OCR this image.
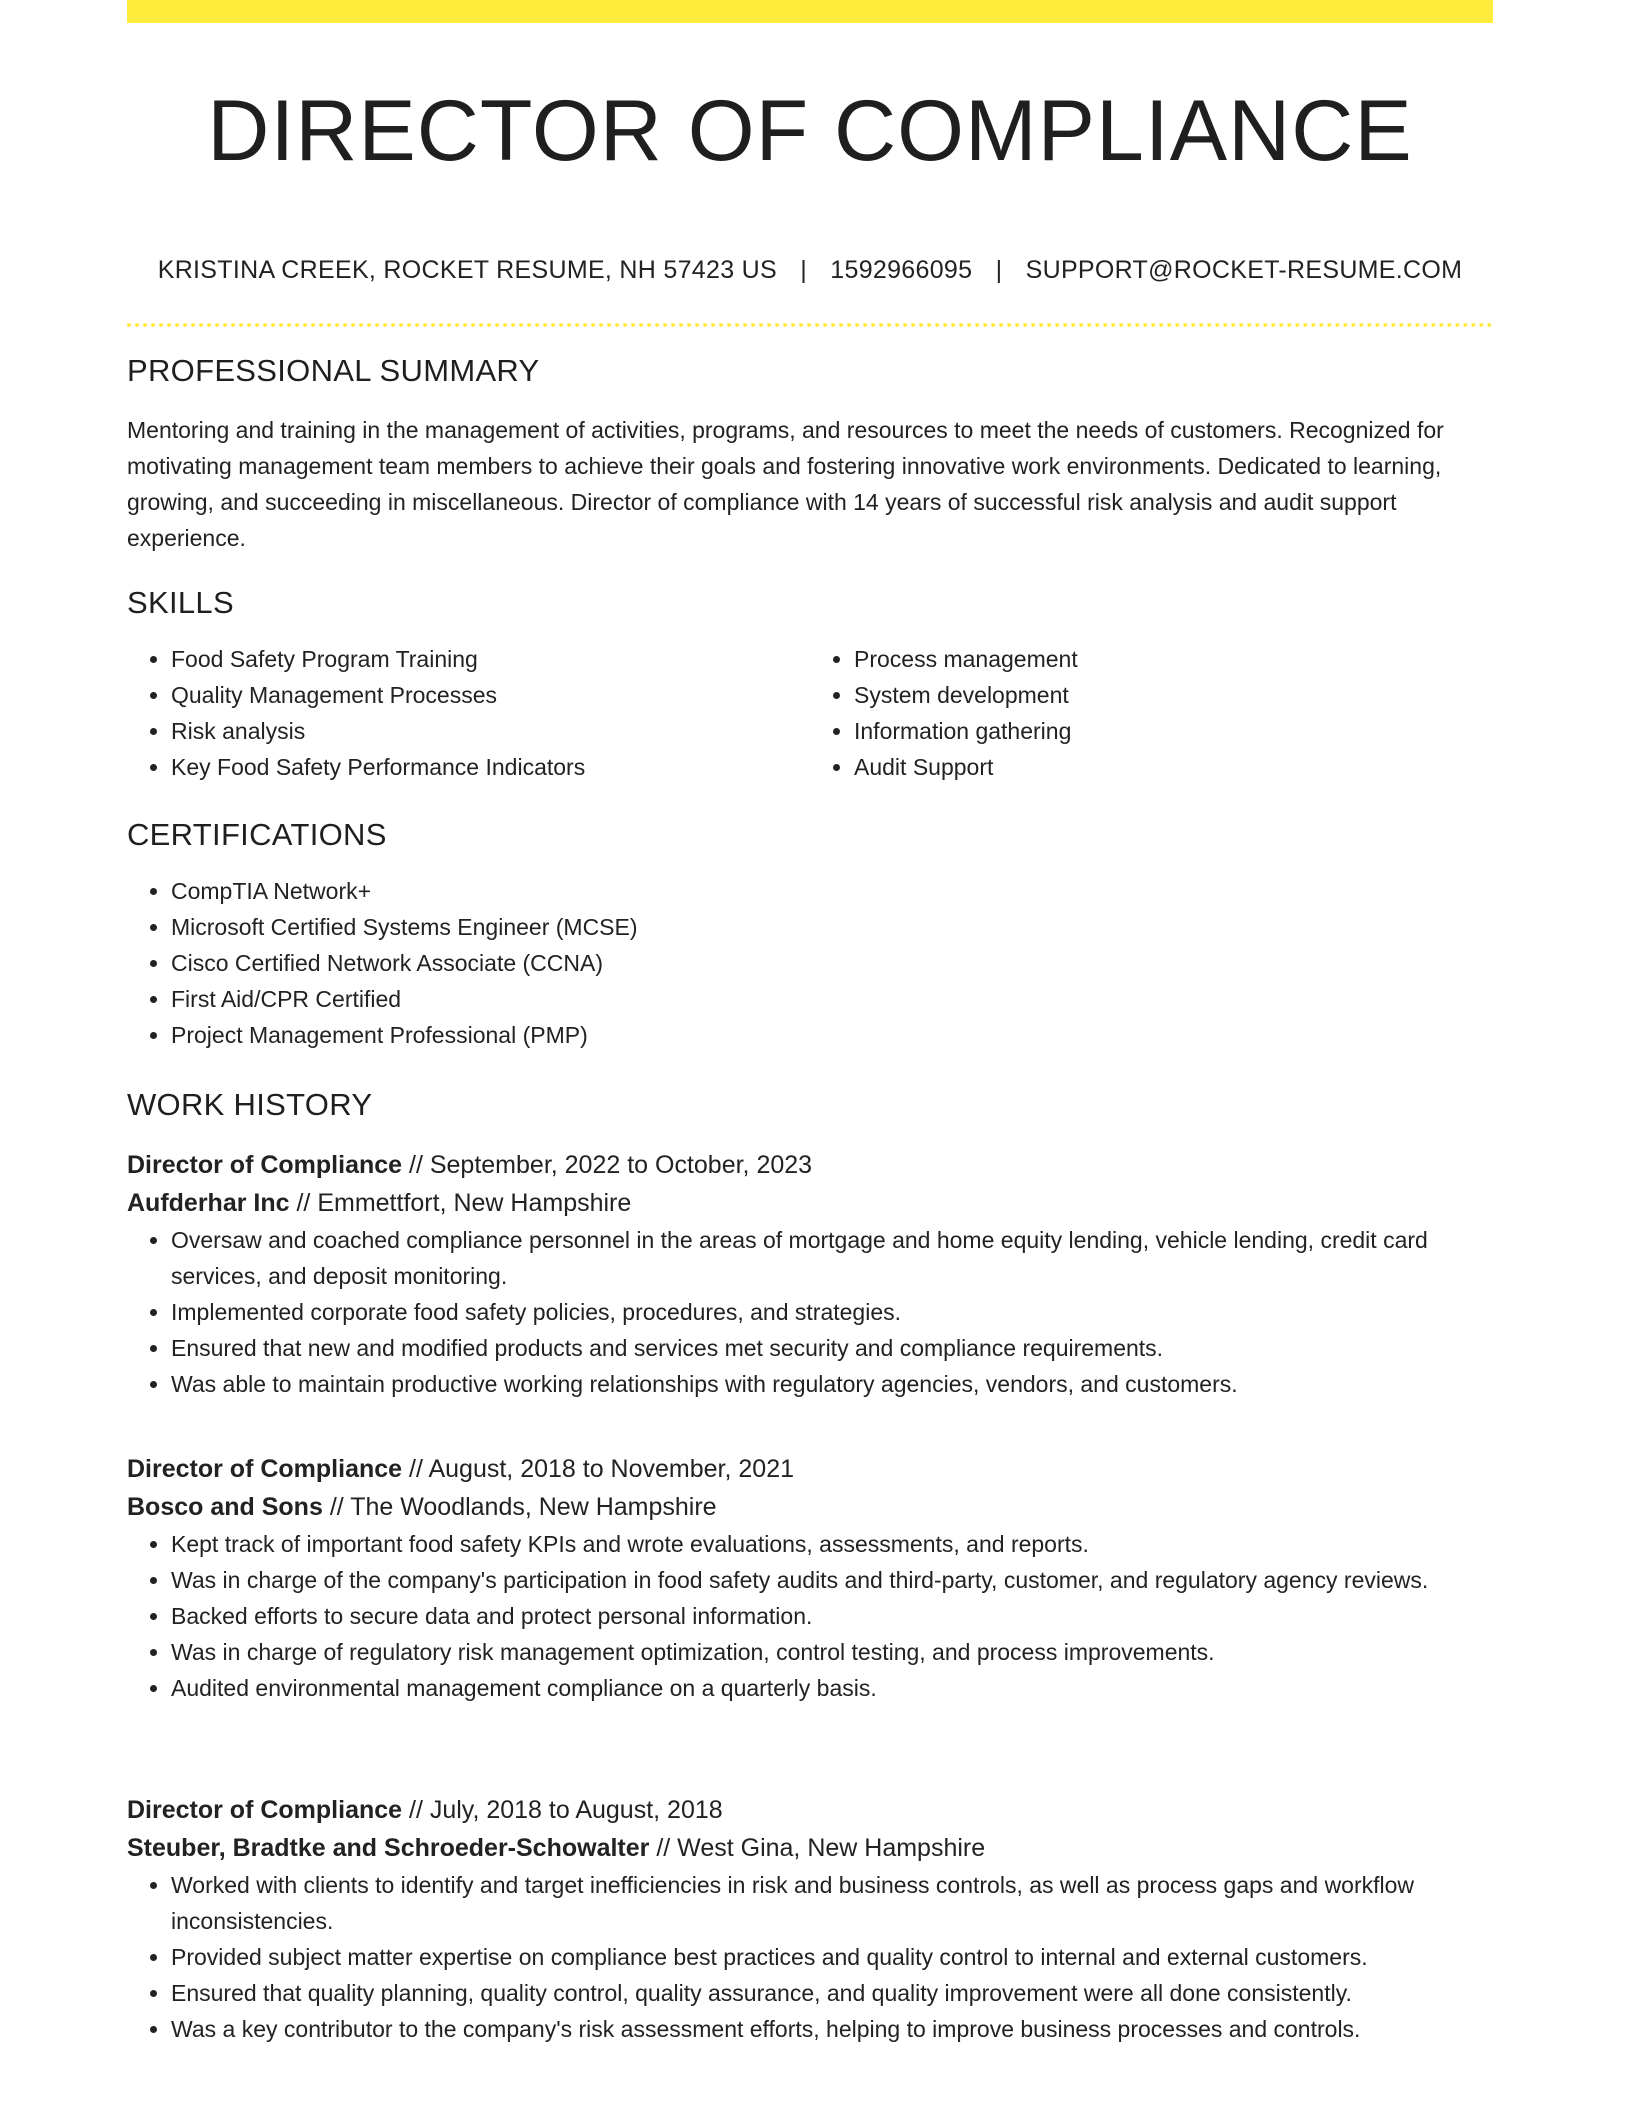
DIRECTOR OF COMPLIANCE
KRISTINA CREEK, ROCKET RESUME, NH 57423 US | 1592966095 | SUPPORT@ROCKET-RESUME.COM
PROFESSIONAL SUMMARY

Mentoring and training in the management of activities, programs, and resources to meet the needs of customers. Recognized for motivating management team members to achieve their goals and fostering innovative work environments. Dedicated to learning, growing, and succeeding in miscellaneous. Director of compliance with 14 years of successful risk analysis and audit support experience.

SKILLS
• Food Safety Program Training
• Quality Management Processes
• Risk analysis
• Key Food Safety Performance Indicators
• Process management
• System development
• Information gathering
• Audit Support
CERTIFICATIONS
• CompTIA Network+
• Microsoft Certified Systems Engineer (MCSE)
• Cisco Certified Network Associate (CCNA)
• First Aid/CPR Certified
• Project Management Professional (PMP)
WORK HISTORY
Director of Compliance // September, 2022 to October, 2023
Aufderhar Inc // Emmettfort, New Hampshire
• Oversaw and coached compliance personnel in the areas of mortgage and home equity lending, vehicle lending, credit card services, and deposit monitoring.
• Implemented corporate food safety policies, procedures, and strategies.
• Ensured that new and modified products and services met security and compliance requirements.
• Was able to maintain productive working relationships with regulatory agencies, vendors, and customers.
Director of Compliance // August, 2018 to November, 2021
Bosco and Sons // The Woodlands, New Hampshire
• Kept track of important food safety KPIs and wrote evaluations, assessments, and reports.
• Was in charge of the company's participation in food safety audits and third-party, customer, and regulatory agency reviews.
• Backed efforts to secure data and protect personal information.
• Was in charge of regulatory risk management optimization, control testing, and process improvements.
• Audited environmental management compliance on a quarterly basis.
Director of Compliance // July, 2018 to August, 2018
Steuber, Bradtke and Schroeder-Schowalter // West Gina, New Hampshire
• Worked with clients to identify and target inefficiencies in risk and business controls, as well as process gaps and workflow inconsistencies.
• Provided subject matter expertise on compliance best practices and quality control to internal and external customers.
• Ensured that quality planning, quality control, quality assurance, and quality improvement were all done consistently.
• Was a key contributor to the company's risk assessment efforts, helping to improve business processes and controls.
